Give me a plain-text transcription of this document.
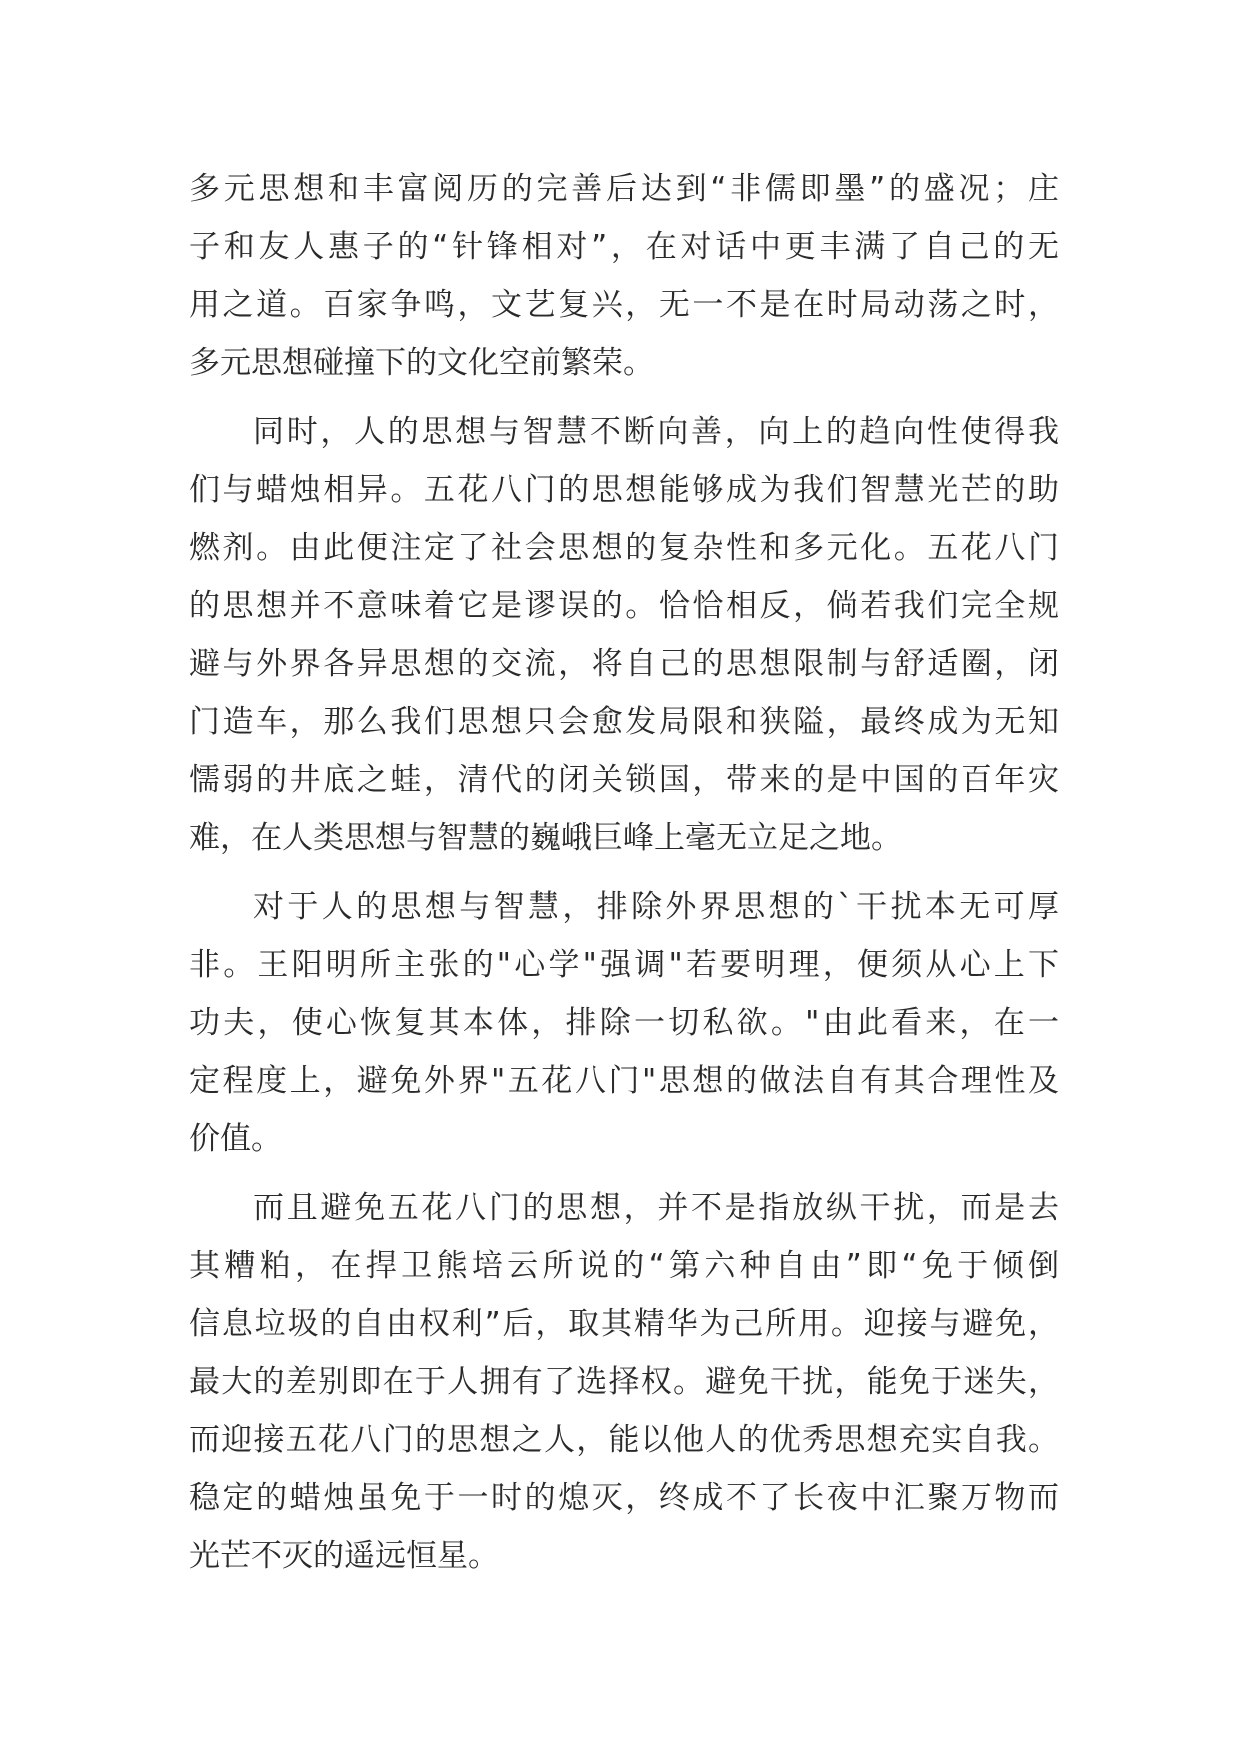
多元思想和丰富阅历的完善后达到“非儒即墨”的盛况；庄
子和友人惠子的“针锋相对”，在对话中更丰满了自己的无
用之道。百家争鸣，文艺复兴，无一不是在时局动荡之时，
多元思想碰撞下的文化空前繁荣。
同时，人的思想与智慧不断向善，向上的趋向性使得我
们与蜡烛相异。五花八门的思想能够成为我们智慧光芒的助
燃剂。由此便注定了社会思想的复杂性和多元化。五花八门
的思想并不意味着它是谬误的。恰恰相反，倘若我们完全规
避与外界各异思想的交流，将自己的思想限制与舒适圈，闭
门造车，那么我们思想只会愈发局限和狭隘，最终成为无知
懦弱的井底之蛙，清代的闭关锁国，带来的是中国的百年灾
难，在人类思想与智慧的巍峨巨峰上毫无立足之地。
对于人的思想与智慧，排除外界思想的`干扰本无可厚
非。王阳明所主张的"心学"强调"若要明理，便须从心上下
功夫，使心恢复其本体，排除一切私欲。"由此看来，在一
定程度上，避免外界"五花八门"思想的做法自有其合理性及
价值。
而且避免五花八门的思想，并不是指放纵干扰，而是去
其糟粕，在捍卫熊培云所说的“第六种自由”即“免于倾倒
信息垃圾的自由权利”后，取其精华为己所用。迎接与避免，
最大的差别即在于人拥有了选择权。避免干扰，能免于迷失，
而迎接五花八门的思想之人，能以他人的优秀思想充实自我。
稳定的蜡烛虽免于一时的熄灭，终成不了长夜中汇聚万物而
光芒不灭的遥远恒星。
